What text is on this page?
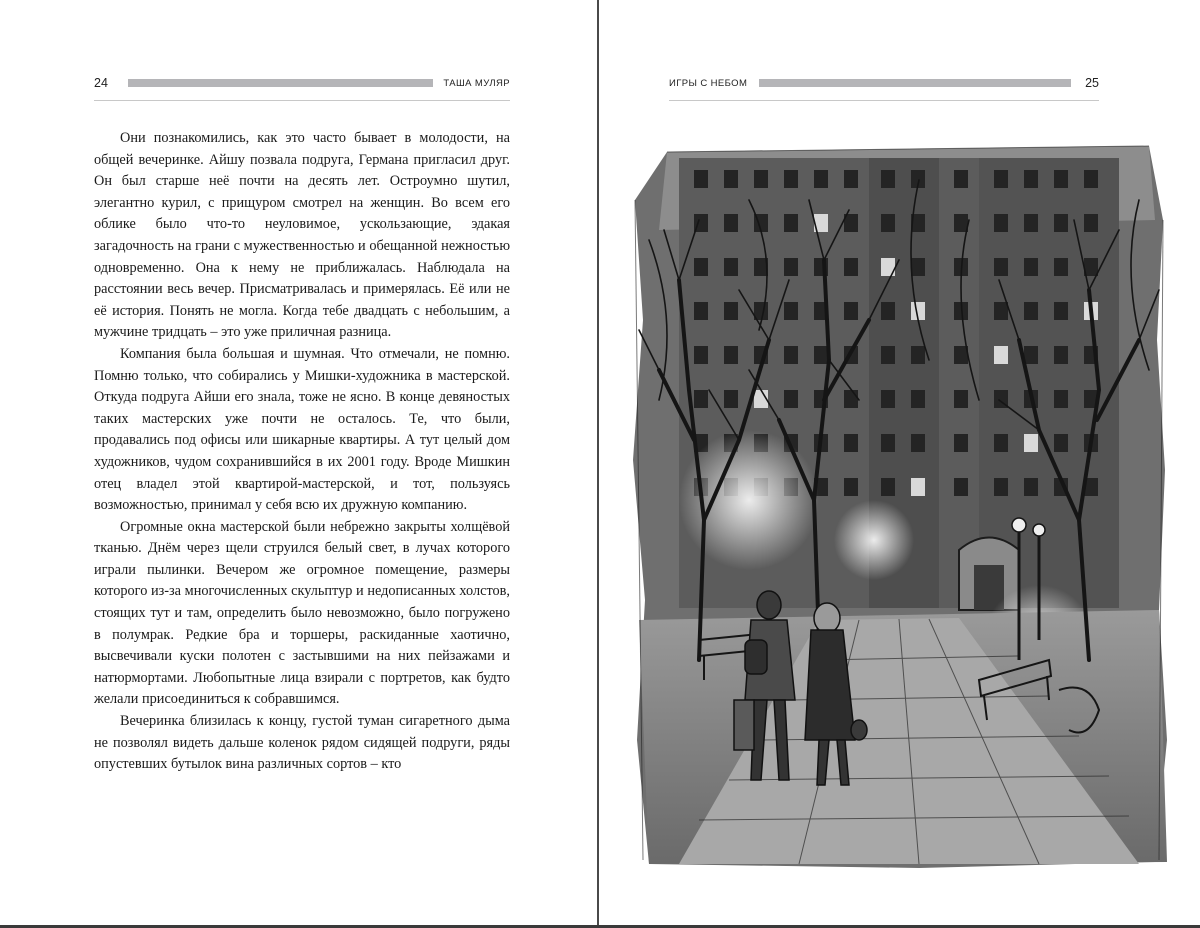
24	ТАША МУЛЯР

Они познакомились, как это часто бывает в молодости, на общей вечеринке. Айшу позвала подруга, Германа пригласил друг. Он был старше неё почти на десять лет. Остроумно шутил, элегантно курил, с прищуром смотрел на женщин. Во всем его облике было что-то неуловимое, ускользающие, эдакая загадочность на грани с мужественностью и обещанной нежностью одновременно. Она к нему не приближалась. Наблюдала на расстоянии весь вечер. Присматривалась и примерялась. Её или не её история. Понять не могла. Когда тебе двадцать с небольшим, а мужчине тридцать – это уже приличная разница.

Компания была большая и шумная. Что отмечали, не помню. Помню только, что собирались у Мишки-художника в мастерской. Откуда подруга Айши его знала, тоже не ясно. В конце девяностых таких мастерских уже почти не осталось. Те, что были, продавались под офисы или шикарные квартиры. А тут целый дом художников, чудом сохранившийся в их 2001 году. Вроде Мишкин отец владел этой квартирой-мастерской, и тот, пользуясь возможностью, принимал у себя всю их дружную компанию.

Огромные окна мастерской были небрежно закрыты холщёвой тканью. Днём через щели струился белый свет, в лучах которого играли пылинки. Вечером же огромное помещение, размеры которого из-за многочисленных скульптур и недописанных холстов, стоящих тут и там, определить было невозможно, было погружено в полумрак. Редкие бра и торшеры, раскиданные хаотично, высвечивали куски полотен с застывшими на них пейзажами и натюрмортами. Любопытные лица взирали с портретов, как будто желали присоединиться к собравшимся.

Вечеринка близилась к концу, густой туман сигаретного дыма не позволял видеть дальше коленок рядом сидящей подруги, ряды опустевших бутылок вина различных сортов – кто

ИГРЫ С НЕБОМ	25
